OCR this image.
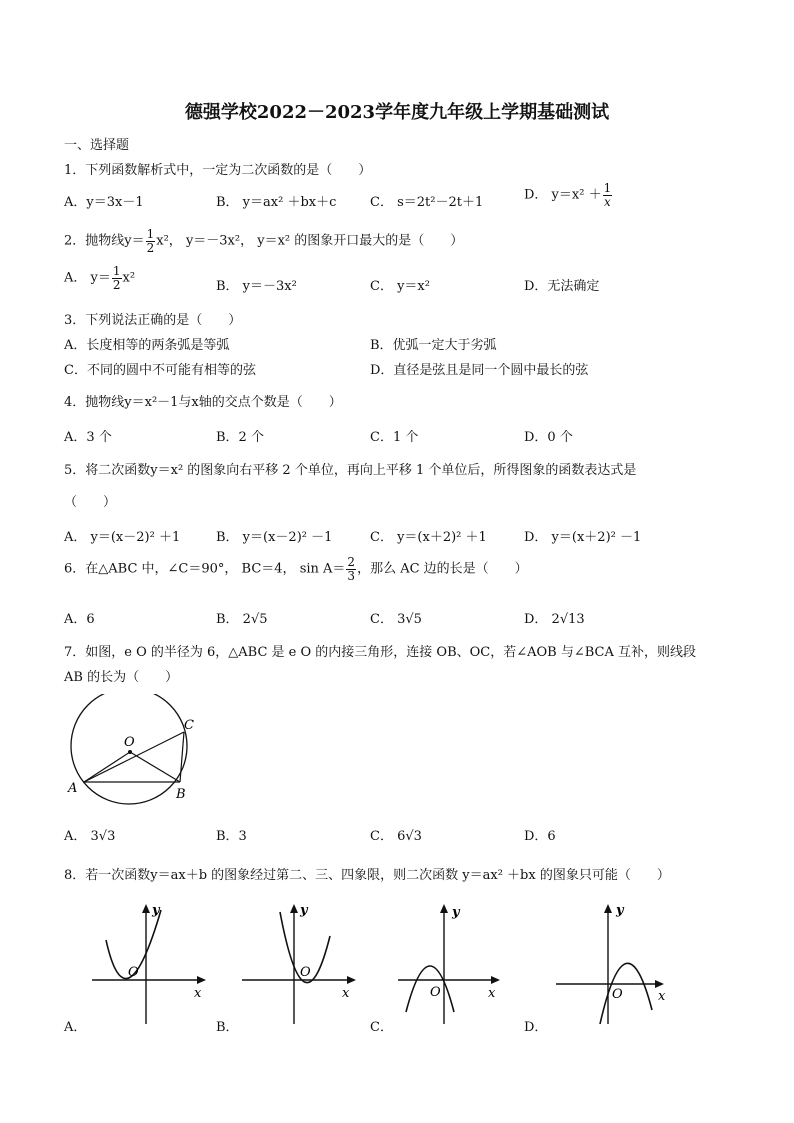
德强学校2022－2023学年度九年级上学期基础测试
一、选择题
1．下列函数解析式中，一定为二次函数的是（　　）
A．y＝3x－1	B． y＝ax² ＋bx＋c	C． s＝2t²－2t＋1	D． $y=x^2 + \frac{1}{x}$
2．抛物线$y= \frac{1}{2} x^2$， y＝－3x²， y＝x² 的图象开口最大的是（　　）
A． $y= \frac{1}{2} x^2$
B． y＝－3x²	C． y＝x²	D．无法确定
3．下列说法正确的是（　　）
A．长度相等的两条弧是等弧	B．优弧一定大于劣弧
C．不同的圆中不可能有相等的弦	D．直径是弦且是同一个圆中最长的弦
4．抛物线y＝x²－1与x轴的交点个数是（　　）
A．3 个	B．2 个	C．1 个	D．0 个
5．将二次函数y＝x² 的图象向右平移 2 个单位，再向上平移 1 个单位后，所得图象的函数表达式是
（　　）
A． y＝(x－2)² ＋1	B． y＝(x－2)² －1	C． y＝(x＋2)² ＋1	D． y＝(x＋2)² －1
6．在△ABC 中，∠C＝90°， BC＝4， $\sin A= \frac{2}{3}$ ，那么 AC 边的长是（　　）
A．6	B． 2√5	C． 3√5	D． 2√13
7．如图，e O 的半径为 6，△ABC 是 e O 的内接三角形，连接 OB、OC，若∠AOB 与∠BCA 互补，则线段
AB 的长为（　　）
O
A	B
C
A． 3√3	B．3	C． 6√3	D．6
8．若一次函数y＝ax＋b 的图象经过第二、三、四象限，则二次函数 y＝ax² ＋bx 的图象只可能（　　）
y
x
O
A．
y
x
O
B．
y
x
O
C．
y
x
O
D．
